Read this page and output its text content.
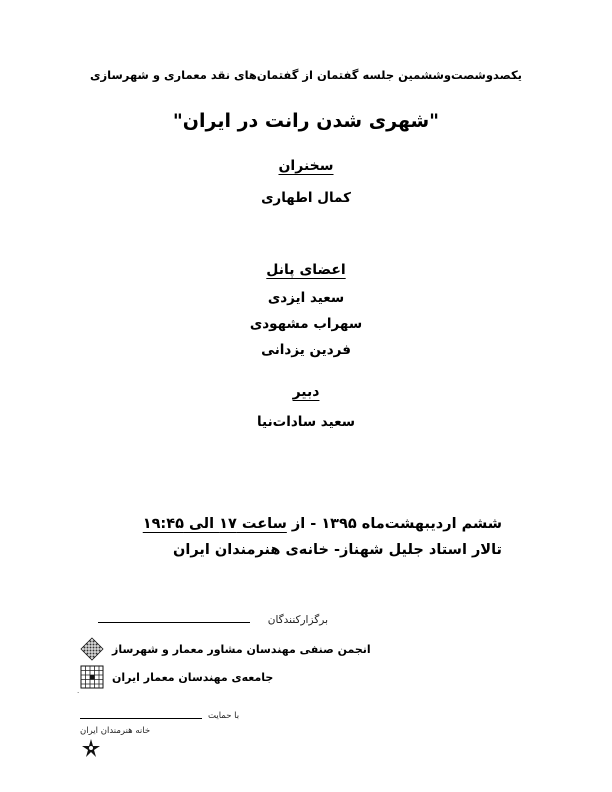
یکصدوشصت‌وششمین جلسه گفتمان از گفتمان‌های نقد معماری و شهرسازی
"شهری شدن رانت در ایران"
سخنران
کمال اطهاری
اعضای پانل
سعید ایزدی
سهراب مشهودی
فردین یزدانی
دبیر
سعید سادات‌نیا
ششم اردیبهشت‌ماه ۱۳۹۵ - از ساعت ۱۷ الی ۱۹:۴۵
تالار استاد جلیل شهناز- خانه‌ی هنرمندان ایران
برگزارکنندگان
انجمن صنفی مهندسان مشاور معمار و شهرساز
جامعه‌ی مهندسان معمار ایران
٠
با حمایت
خانه هنرمندان ایران
